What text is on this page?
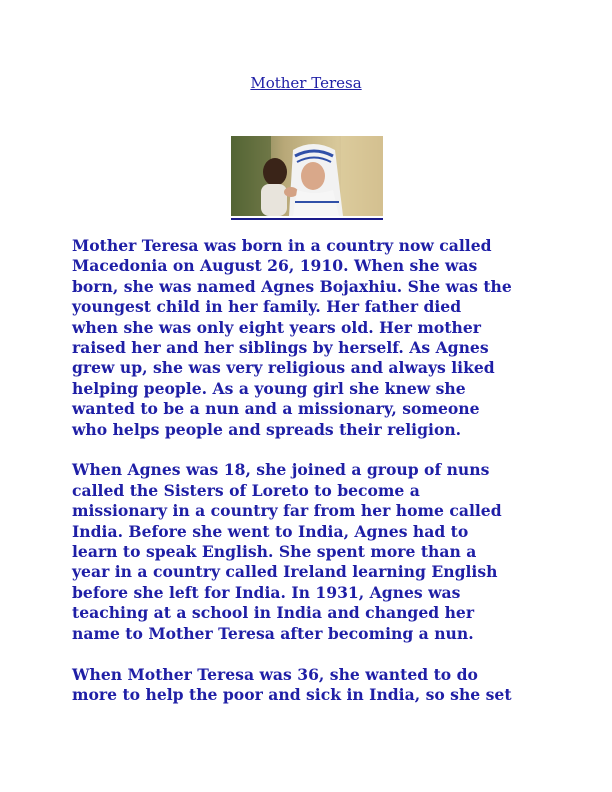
Mother Teresa
Mother Teresa was born in a country now called
Macedonia on August 26, 1910. When she was
born, she was named Agnes Bojaxhiu. She was the
youngest child in her family. Her father died
when she was only eight years old. Her mother
raised her and her siblings by herself. As Agnes
grew up, she was very religious and always liked
helping people. As a young girl she knew she
wanted to be a nun and a missionary, someone
who helps people and spreads their religion.
When Agnes was 18, she joined a group of nuns
called the Sisters of Loreto to become a
missionary in a country far from her home called
India. Before she went to India, Agnes had to
learn to speak English. She spent more than a
year in a country called Ireland learning English
before she left for India. In 1931, Agnes was
teaching at a school in India and changed her
name to Mother Teresa after becoming a nun.
When Mother Teresa was 36, she wanted to do
more to help the poor and sick in India, so she set
